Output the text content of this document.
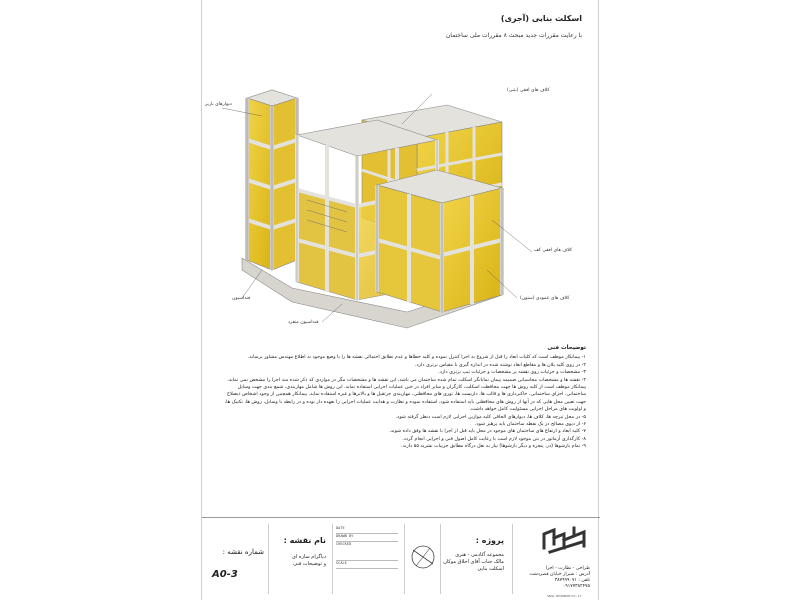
اسکلت بنایی (آجری)
با رعایت مقررات جدید مبحث ۸ مقررات ملی ساختمان
دیوارهای باربر
کلاف های افقی (بتنی)
کلاف های افقی کف
کلاف های عمودی (ستون)
فنداسیون
فنداسیون منفرد
توضیحات فنی
۱- پیمانکار موظف است که کلیات ابعاد را قبل از شروع به اجرا کنترل نموده و کلیه خطاها و عدم تطابق احتمالی نقشه ها را با وضع موجود به اطلاع مهندس مشاور برساند.
۲- در روی کلیه پلان ها و مقاطع ابعاد نوشته شده در اندازه گیری با مقیاس برتری دارد.
۳- مشخصات و جزئیات روی نقشه بر مشخصات و جزئیات تیپ برتری دارد.
۴- نقشه ها و مشخصات محاسباتی ضمیمه پیمان نمایانگر اسکلت تمام شده ساختمان می باشد، این نقشه ها و مشخصات مگر در مواردی که ذکر شده مند اجرا را مشخص نمی نماید، پیمانکار موظف است از کلیه روش ها جهت محافظت اسکلت، کارگران و سایر افراد در حین عملیات اجرایی استفاده نماید. این روش ها شامل مهاربندی، شمع بندی جهت وسایل ساختمانی، اجزای ساختمانی، خاکبرداری ها و قالب ها، داربست ها، توری های محافظتی، مهاربندی جرثقیل ها و بالابرها و غیره استفاده نماید. پیمانکار همچنین از وجود اشخاص ذیصلاح جهت تعیین محل هایی که در آنها از روش های محافظتی باید استفاده شود، استفاده نموده و نظارت و هدایت عملیات اجرایی را بعهده دار بوده و در رابطه با وسایل، روش ها، تکنیک ها، و اولویت های مراحل اجرایی مسئولیت کامل خواهد داشت.
۵- در محل تیرچه ها، کلاف ها، دیوارهای الحاقی کلیه موازین اجرایی لازم است دنظر گرفته شود.
۶- از دپوی مصالح در یک نقطه ساختمان باید پرهیز شود.
۷- کلیه ابعاد و ارتفاع های ساختمان های موجود در محل باید قبل از اجرا با نقشه ها وفق داده شوند.
۸- کارگذاری آرماتور در بتن موجود لازم است با رعایت کامل اصول فنی و اجرایی انجام گردد.
۹- تمام بازشوها (در، پنجره و دیگر بازشوها) نیاز به نعل درگاه مطابق جزییات نشریه ۵۵ دارند.
شماره نقشه :
A0-3
نام نقشه :
دیاگرام سازه ای
و توضیحات فنی
DATE
DRAWN BY
CHECKED
SCALE
پروژه :
مجموعه آکادمی - هنری
مالک جناب آقای اخلاق موکان
اسکلت بنایی	طراحی - نظارت - اجرا
آدرس : شیراز خیابان قصردشت
تلفن : ۳۸۷۹۹۹۰۷۱
۰۹۱۷۷۳۸۲۴۷۵
www.ahdamarco.ir
